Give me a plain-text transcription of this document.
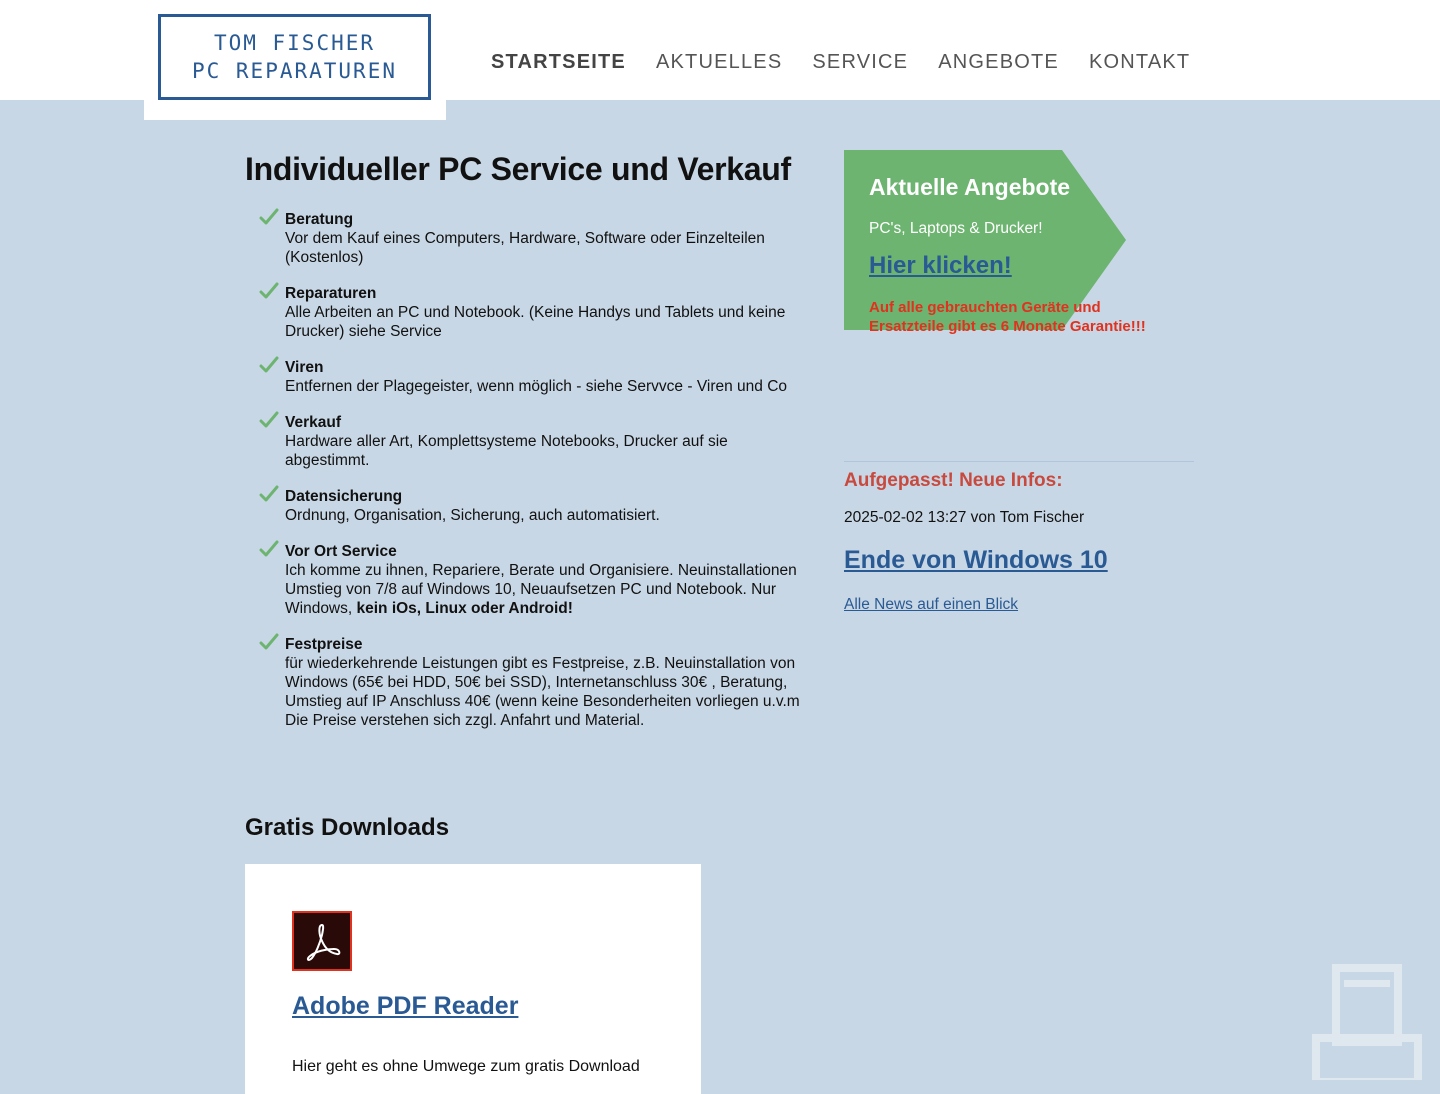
TOM FISCHER
PC REPARATUREN	STARTSEITE AKTUELLES SERVICE ANGEBOTE KONTAKT
Individueller PC Service und Verkauf
Beratung
Vor dem Kauf eines Computers, Hardware, Software oder Einzelteilen (Kostenlos)
Reparaturen
Alle Arbeiten an PC und Notebook. (Keine Handys und Tablets und keine Drucker) siehe Service
Viren
Entfernen der Plagegeister, wenn möglich - siehe Servvce - Viren und Co
Verkauf
Hardware aller Art, Komplettsysteme Notebooks, Drucker auf sie abgestimmt.
Datensicherung
Ordnung, Organisation, Sicherung, auch automatisiert.
Vor Ort Service
Ich komme zu ihnen, Repariere, Berate und Organisiere. Neuinstallationen Umstieg von 7/8 auf Windows 10, Neuaufsetzen PC und Notebook. Nur Windows, kein iOs, Linux oder Android!
Festpreise
für wiederkehrende Leistungen gibt es Festpreise, z.B. Neuinstallation von Windows (65€ bei HDD, 50€ bei SSD), Internetanschluss 30€ , Beratung, Umstieg auf IP Anschluss 40€ (wenn keine Besonderheiten vorliegen u.v.m Die Preise verstehen sich zzgl. Anfahrt und Material.
Gratis Downloads
Adobe PDF Reader
Hier geht es ohne Umwege zum gratis Download
Aktuelle Angebote
PC's, Laptops & Drucker!
Hier klicken!
Auf alle gebrauchten Geräte und Ersatzteile gibt es 6 Monate Garantie!!!
Aufgepasst! Neue Infos:
2025-02-02 13:27 von Tom Fischer
Ende von Windows 10
Alle News auf einen Blick
